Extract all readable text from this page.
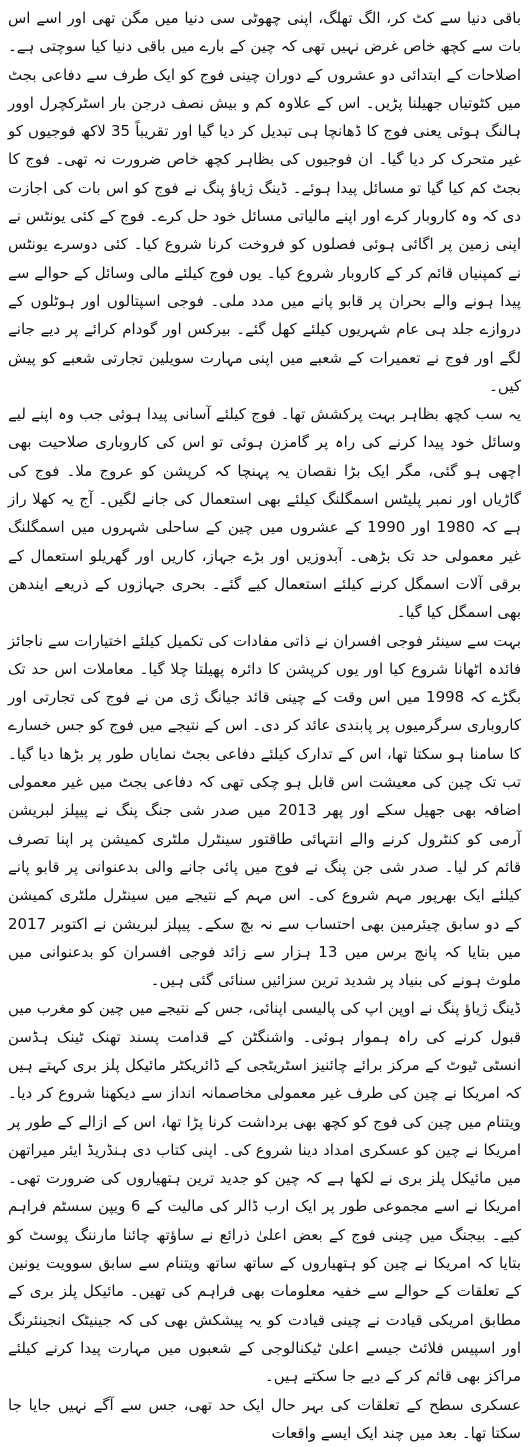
باقی دنیا سے کٹ کر، الگ تھلگ، اپنی چھوٹی سی دنیا میں مگن تھی اور اسے اس بات سے کچھ خاص غرض نہیں تھی کہ چین کے بارے میں باقی دنیا کیا سوچتی ہے۔ اصلاحات کے ابتدائی دو عشروں کے دوران چینی فوج کو ایک طرف سے دفاعی بجٹ میں کٹوتیاں جھیلنا پڑیں۔ اس کے علاوہ کم و بیش نصف درجن بار اسٹرکچرل اوور ہالنگ ہوئی یعنی فوج کا ڈھانچا ہی تبدیل کر دیا گیا اور تقریباً 35 لاکھ فوجیوں کو غیر متحرک کر دیا گیا۔ ان فوجیوں کی بظاہر کچھ خاص ضرورت نہ تھی۔ فوج کا بجٹ کم کیا گیا تو مسائل پیدا ہوئے۔ ڈینگ ژیاؤ پنگ نے فوج کو اس بات کی اجازت دی کہ وہ کاروبار کرے اور اپنے مالیاتی مسائل خود حل کرے۔ فوج کے کئی یونٹس نے اپنی زمین پر اگائی ہوئی فصلوں کو فروخت کرنا شروع کیا۔ کئی دوسرے یونٹس نے کمپنیاں قائم کر کے کاروبار شروع کیا۔ یوں فوج کیلئے مالی وسائل کے حوالے سے پیدا ہونے والے بحران پر قابو پانے میں مدد ملی۔ فوجی اسپتالوں اور ہوٹلوں کے دروازے جلد ہی عام شہریوں کیلئے کھل گئے۔ بیرکس اور گودام کرائے پر دیے جانے لگے اور فوج نے تعمیرات کے شعبے میں اپنی مہارت سویلین تجارتی شعبے کو پیش کیں۔

یہ سب کچھ بظاہر بہت پرکشش تھا۔ فوج کیلئے آسانی پیدا ہوئی جب وہ اپنے لیے وسائل خود پیدا کرنے کی راہ پر گامزن ہوئی تو اس کی کاروباری صلاحیت بھی اچھی ہو گئی، مگر ایک بڑا نقصان یہ پہنچا کہ کرپشن کو عروج ملا۔ فوج کی گاڑیاں اور نمبر پلیٹس اسمگلنگ کیلئے بھی استعمال کی جانے لگیں۔ آج یہ کھلا راز ہے کہ 1980 اور 1990 کے عشروں میں چین کے ساحلی شہروں میں اسمگلنگ غیر معمولی حد تک بڑھی۔ آبدوزیں اور بڑے جہاز، کاریں اور گھریلو استعمال کے برقی آلات اسمگل کرنے کیلئے استعمال کیے گئے۔ بحری جہازوں کے ذریعے ایندھن بھی اسمگل کیا گیا۔

بہت سے سینئر فوجی افسران نے ذاتی مفادات کی تکمیل کیلئے اختیارات سے ناجائز فائدہ اٹھانا شروع کیا اور یوں کرپشن کا دائرہ پھیلتا چلا گیا۔ معاملات اس حد تک بگڑے کہ 1998 میں اس وقت کے چینی قائد جیانگ ژی من نے فوج کی تجارتی اور کاروباری سرگرمیوں پر پابندی عائد کر دی۔ اس کے نتیجے میں فوج کو جس خسارے کا سامنا ہو سکتا تھا، اس کے تدارک کیلئے دفاعی بجٹ نمایاں طور پر بڑھا دیا گیا۔ تب تک چین کی معیشت اس قابل ہو چکی تھی کہ دفاعی بجٹ میں غیر معمولی اضافہ بھی جھیل سکے اور پھر 2013 میں صدر شی جنگ پنگ نے پیپلز لبریشن آرمی کو کنٹرول کرنے والے انتہائی طاقتور سینٹرل ملٹری کمیشن پر اپنا تصرف قائم کر لیا۔ صدر شی جن پنگ نے فوج میں پائی جانے والی بدعنوانی پر قابو پانے کیلئے ایک بھرپور مہم شروع کی۔ اس مہم کے نتیجے میں سینٹرل ملٹری کمیشن کے دو سابق چیئرمین بھی احتساب سے نہ بچ سکے۔ پیپلز لبریشن نے اکتوبر 2017 میں بتایا کہ پانچ برس میں 13 ہزار سے زائد فوجی افسران کو بدعنوانی میں ملوث ہونے کی بنیاد پر شدید ترین سزائیں سنائی گئی ہیں۔

ڈینگ ژیاؤ پنگ نے اوپن اپ کی پالیسی اپنائی، جس کے نتیجے میں چین کو مغرب میں قبول کرنے کی راہ ہموار ہوئی۔ واشنگٹن کے قدامت پسند تھنک ٹینک ہڈسن انسٹی ٹیوٹ کے مرکز برائے چائنیز اسٹریٹجی کے ڈائریکٹر مائیکل پلز بری کہتے ہیں کہ امریکا نے چین کی طرف غیر معمولی مخاصمانہ انداز سے دیکھنا شروع کر دیا۔ ویتنام میں چین کی فوج کو کچھ بھی برداشت کرنا پڑا تھا، اس کے ازالے کے طور پر امریکا نے چین کو عسکری امداد دینا شروع کی۔ اپنی کتاب دی ہنڈریڈ ایئر میراتھن میں مائیکل پلز بری نے لکھا ہے کہ چین کو جدید ترین ہتھیاروں کی ضرورت تھی۔ امریکا نے اسے مجموعی طور پر ایک ارب ڈالر کی مالیت کے 6 ویپن سسٹم فراہم کیے۔ بیجنگ میں چینی فوج کے بعض اعلیٰ ذرائع نے ساؤتھ چائنا مارننگ پوسٹ کو بتایا کہ امریکا نے چین کو ہتھیاروں کے ساتھ ساتھ ویتنام سے سابق سوویت یونین کے تعلقات کے حوالے سے خفیہ معلومات بھی فراہم کی تھیں۔ مائیکل پلز بری کے مطابق امریکی قیادت نے چینی قیادت کو یہ پیشکش بھی کی کہ جینیٹک انجینئرنگ اور اسپیس فلائٹ جیسے اعلیٰ ٹیکنالوجی کے شعبوں میں مہارت پیدا کرنے کیلئے مراکز بھی قائم کر کے دیے جا سکتے ہیں۔

عسکری سطح کے تعلقات کی بہر حال ایک حد تھی، جس سے آگے نہیں جایا جا سکتا تھا۔ بعد میں چند ایک ایسے واقعات
